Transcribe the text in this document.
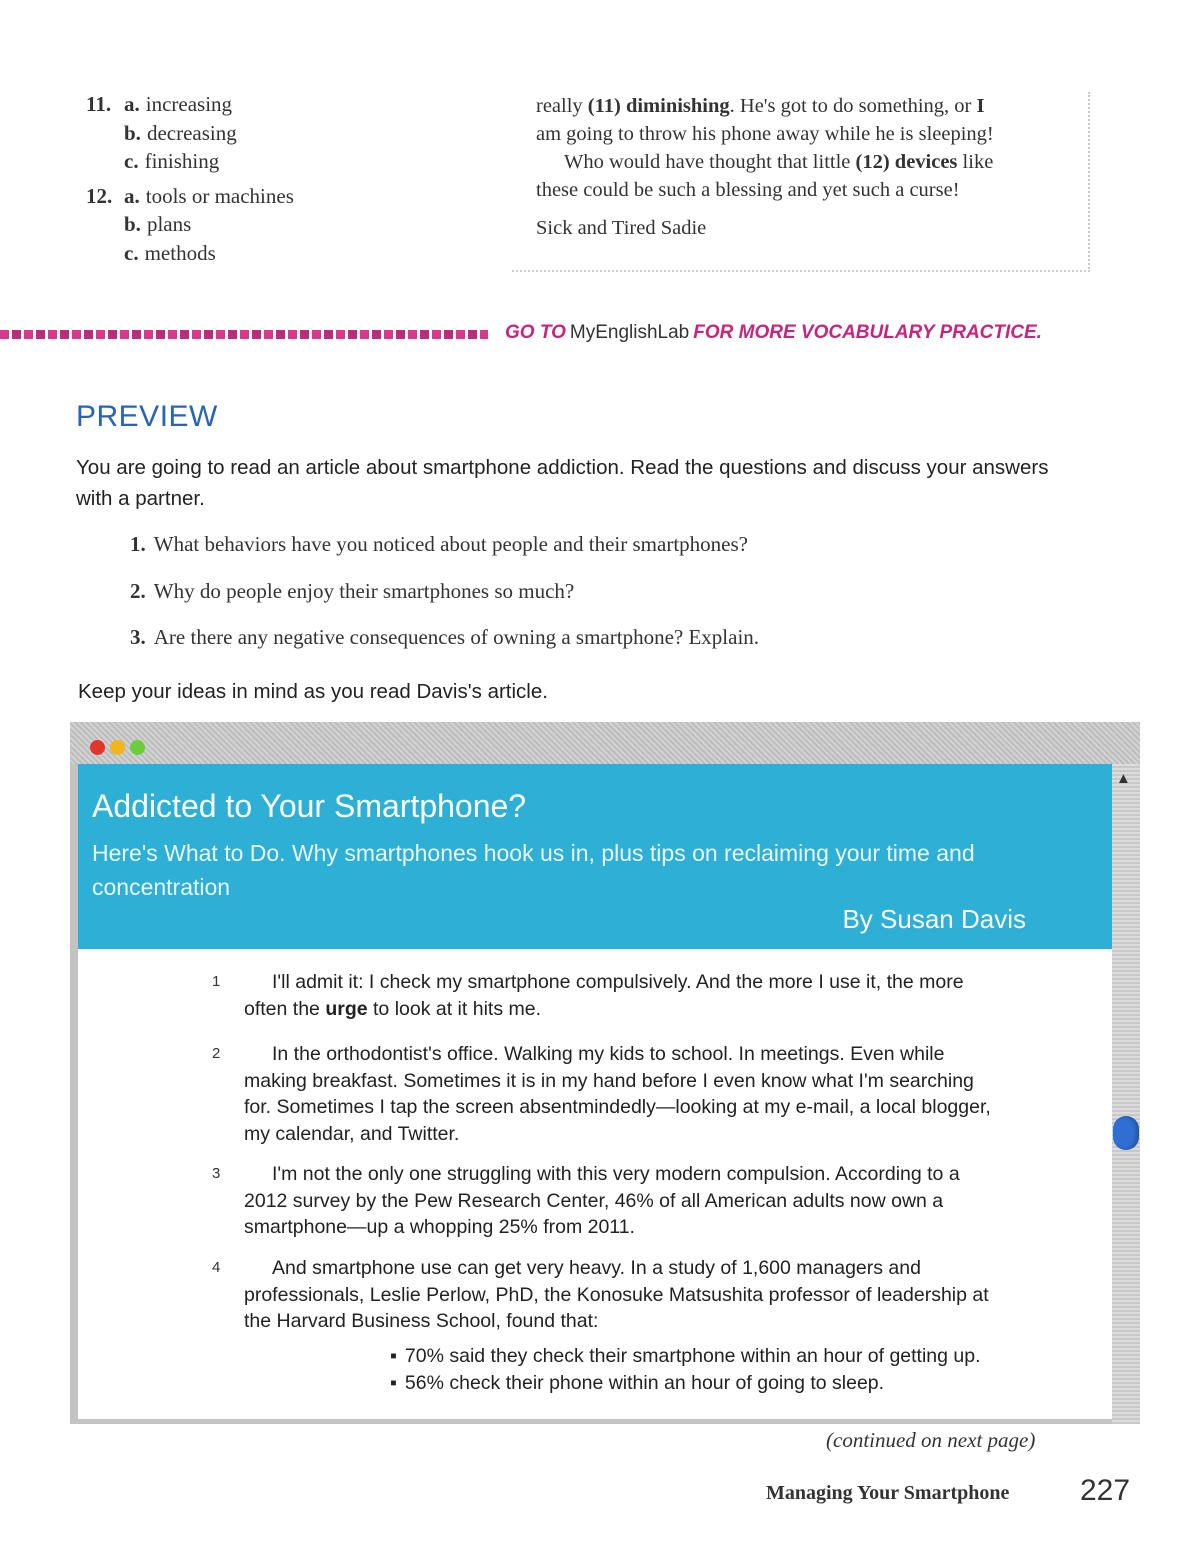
11. a. increasing
b. decreasing
c. finishing
12. a. tools or machines
b. plans
c. methods

really (11) diminishing. He's got to do something, or I

am going to throw his phone away while he is sleeping!

Who would have thought that little (12) devices like

these could be such a blessing and yet such a curse!

Sick and Tired Sadie

GO TO MyEnglishLab FOR MORE VOCABULARY PRACTICE.
PREVIEW

You are going to read an article about smartphone addiction. Read the questions and discuss your answers with a partner.

1. What behaviors have you noticed about people and their smartphones?
2. Why do people enjoy their smartphones so much?
3. Are there any negative consequences of owning a smartphone? Explain.
Keep your ideas in mind as you read Davis's article.
Addicted to Your Smartphone?
Here's What to Do. Why smartphones hook us in, plus tips on reclaiming your time and concentration
By Susan Davis
1	I'll admit it: I check my smartphone compulsively. And the more I use it, the more often the urge to look at it hits me.
2	In the orthodontist's office. Walking my kids to school. In meetings. Even while making breakfast. Sometimes it is in my hand before I even know what I'm searching for. Sometimes I tap the screen absentmindedly—looking at my e-mail, a local blogger, my calendar, and Twitter.
3	I'm not the only one struggling with this very modern compulsion. According to a 2012 survey by the Pew Research Center, 46% of all American adults now own a smartphone—up a whopping 25% from 2011.
4	And smartphone use can get very heavy. In a study of 1,600 managers and professionals, Leslie Perlow, PhD, the Konosuke Matsushita professor of leadership at the Harvard Business School, found that:
▪ 70% said they check their smartphone within an hour of getting up.
▪ 56% check their phone within an hour of going to sleep.
▲
(continued on next page)
Managing Your Smartphone 227
